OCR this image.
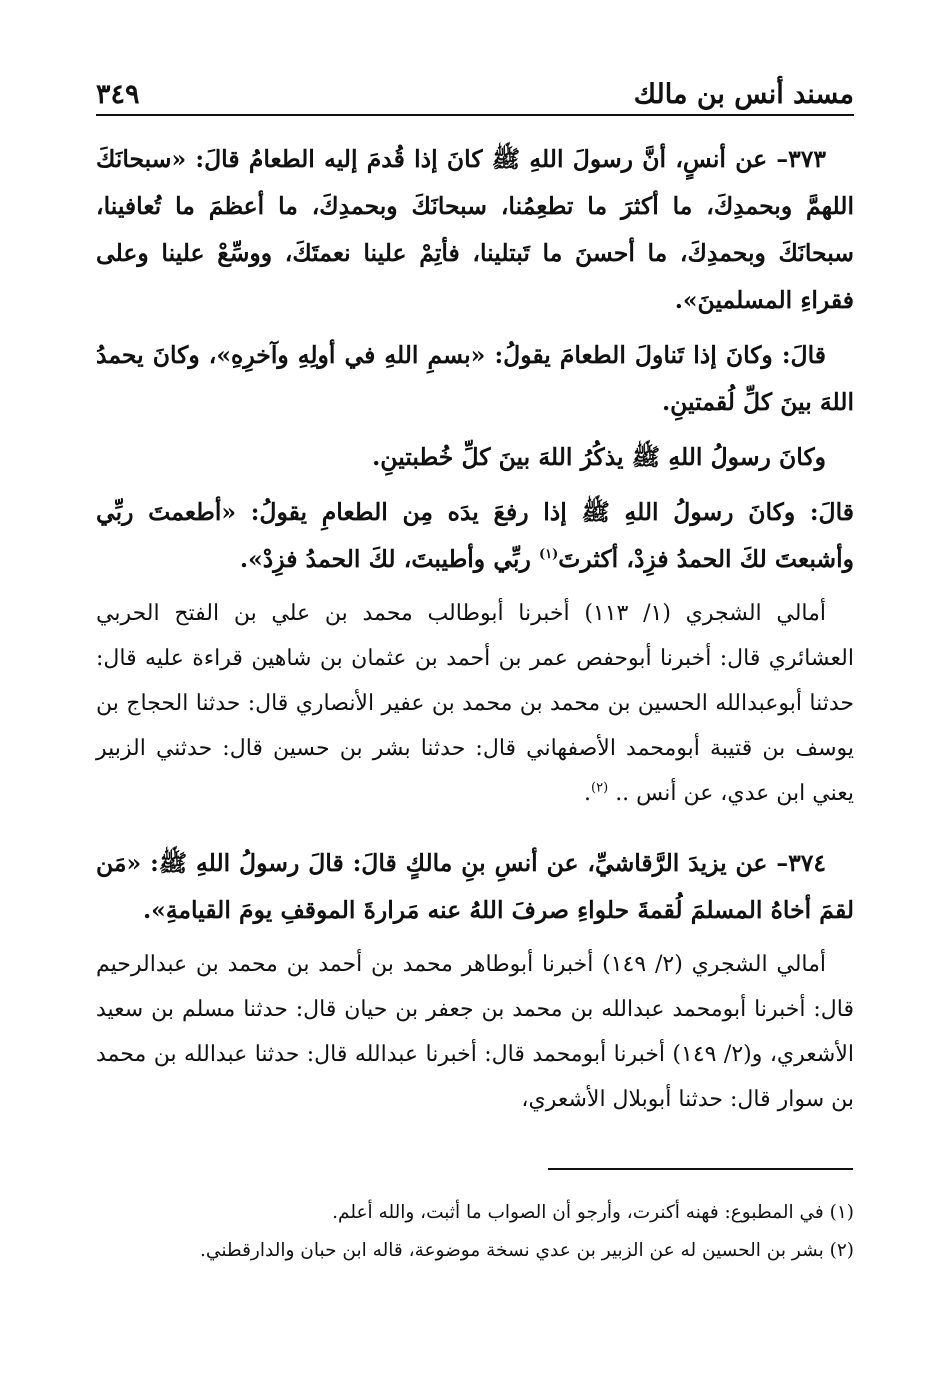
مسند أنس بن مالك
٣٤٩

٣٧٣– عن أنسٍ، أنَّ رسولَ اللهِ ﷺ كانَ إذا قُدمَ إليه الطعامُ قالَ: «سبحانَكَ اللهمَّ وبحمدِكَ، ما أكثرَ ما تطعِمُنا، سبحانَكَ وبحمدِكَ، ما أعظمَ ما تُعافينا، سبحانَكَ وبحمدِكَ، ما أحسنَ ما تَبتلينا، فأتِمْ علينا نعمتَكَ، ووسِّعْ علينا وعلى فقراءِ المسلمينَ».

قالَ: وكانَ إذا تَناولَ الطعامَ يقولُ: «بسمِ اللهِ في أولِهِ وآخرِهِ»، وكانَ يحمدُ اللهَ بينَ كلِّ لُقمتينِ.

وكانَ رسولُ اللهِ ﷺ يذكُرُ اللهَ بينَ كلِّ خُطبتينِ.

قالَ: وكانَ رسولُ اللهِ ﷺ إذا رفعَ يدَه مِن الطعامِ يقولُ: «أطعمتَ ربِّي وأشبعتَ لكَ الحمدُ فزِدْ، أكثرتَ$^{(١)}$ ربِّي وأطيبتَ، لكَ الحمدُ فزِدْ».

أمالي الشجري (١/ ١١٣) أخبرنا أبوطالب محمد بن علي بن الفتح الحربي العشائري قال: أخبرنا أبوحفص عمر بن أحمد بن عثمان بن شاهين قراءة عليه قال: حدثنا أبوعبدالله الحسين بن محمد بن محمد بن عفير الأنصاري قال: حدثنا الحجاج بن يوسف بن قتيبة أبومحمد الأصفهاني قال: حدثنا بشر بن حسين قال: حدثني الزبير يعني ابن عدي، عن أنس .. $^{(٢)}$.

٣٧٤– عن يزيدَ الرَّقاشيِّ، عن أنسِ بنِ مالكٍ قالَ: قالَ رسولُ اللهِ ﷺ: «مَن لقمَ أخاهُ المسلمَ لُقمةَ حلواءِ صرفَ اللهُ عنه مَرارةَ الموقفِ يومَ القيامةِ».

أمالي الشجري (٢/ ١٤٩) أخبرنا أبوطاهر محمد بن أحمد بن محمد بن عبدالرحيم قال: أخبرنا أبومحمد عبدالله بن محمد بن جعفر بن حيان قال: حدثنا مسلم بن سعيد الأشعري، و(٢/ ١٤٩) أخبرنا أبومحمد قال: أخبرنا عبدالله قال: حدثنا عبدالله بن محمد بن سوار قال: حدثنا أبوبلال الأشعري،

(١) في المطبوع: فهنه أكنرت، وأرجو أن الصواب ما أثبت، والله أعلم.

(٢) بشر بن الحسين له عن الزبير بن عدي نسخة موضوعة، قاله ابن حبان والدارقطني.
